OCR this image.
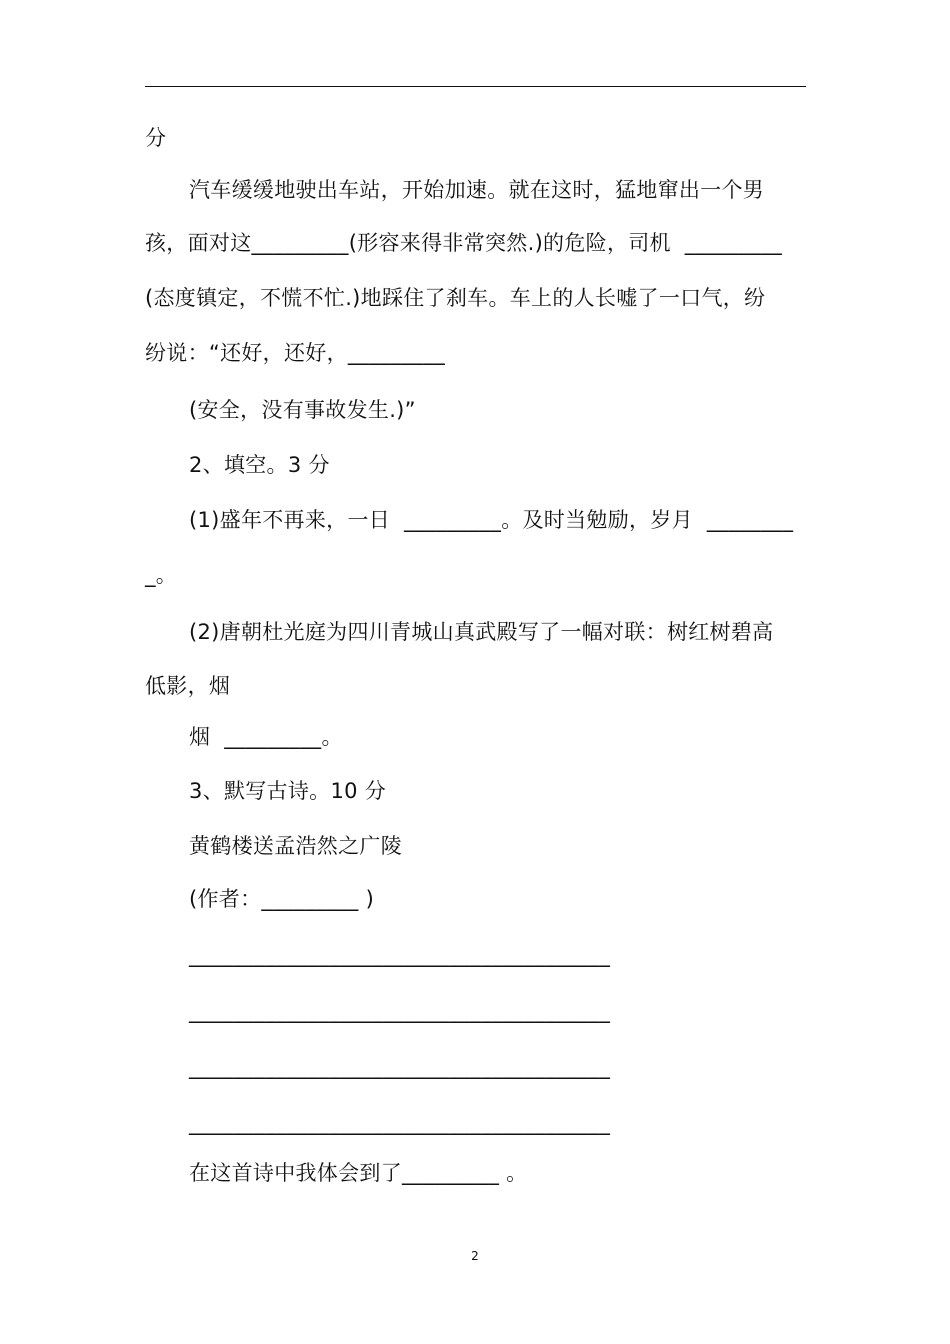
分
汽车缓缓地驶出车站，开始加速。就在这时，猛地窜出一个男
孩，面对这_________(形容来得非常突然.)的危险，司机  _________
(态度镇定，不慌不忙.)地踩住了刹车。车上的人长嘘了一口气，纷
纷说：“还好，还好，_________
(安全，没有事故发生.)”
2、填空。3 分
(1)盛年不再来，一日  _________。及时当勉励，岁月  ________
_。
(2)唐朝杜光庭为四川青城山真武殿写了一幅对联：树红树碧高
低影，烟
烟  _________。
3、默写古诗。10 分
黄鹤楼送孟浩然之广陵
(作者：_________ )
_______________________________________
_______________________________________
_______________________________________
_______________________________________
在这首诗中我体会到了_________ 。
2
